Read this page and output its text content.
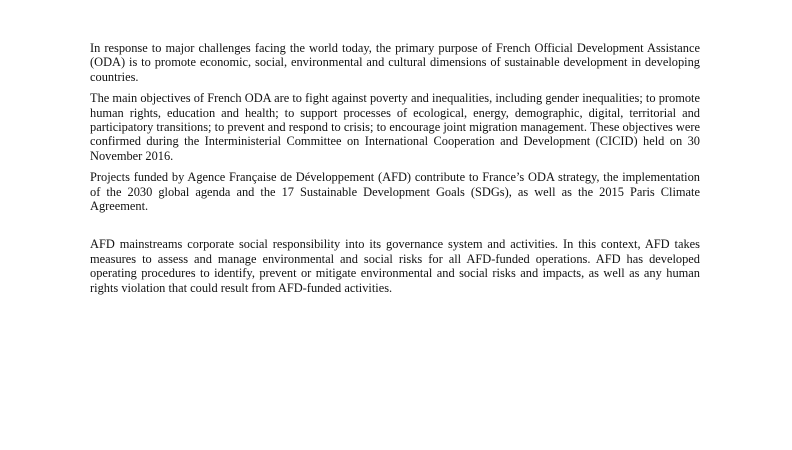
In response to major challenges facing the world today, the primary purpose of French Official Development Assistance (ODA) is to promote economic, social, environmental and cultural dimensions of sustainable development in developing countries.

The main objectives of French ODA are to fight against poverty and inequalities, including gender inequalities; to promote human rights, education and health; to support processes of ecological, energy, demographic, digital, territorial and participatory transitions; to prevent and respond to crisis; to encourage joint migration management. These objectives were confirmed during the Interministerial Committee on International Cooperation and Development (CICID) held on 30 November 2016.

Projects funded by Agence Française de Développement (AFD) contribute to France’s ODA strategy, the implementation of the 2030 global agenda and the 17 Sustainable Development Goals (SDGs), as well as the 2015 Paris Climate Agreement.

AFD mainstreams corporate social responsibility into its governance system and activities. In this context, AFD takes measures to assess and manage environmental and social risks for all AFD-funded operations. AFD has developed operating procedures to identify, prevent or mitigate environmental and social risks and impacts, as well as any human rights violation that could result from AFD-funded activities.
